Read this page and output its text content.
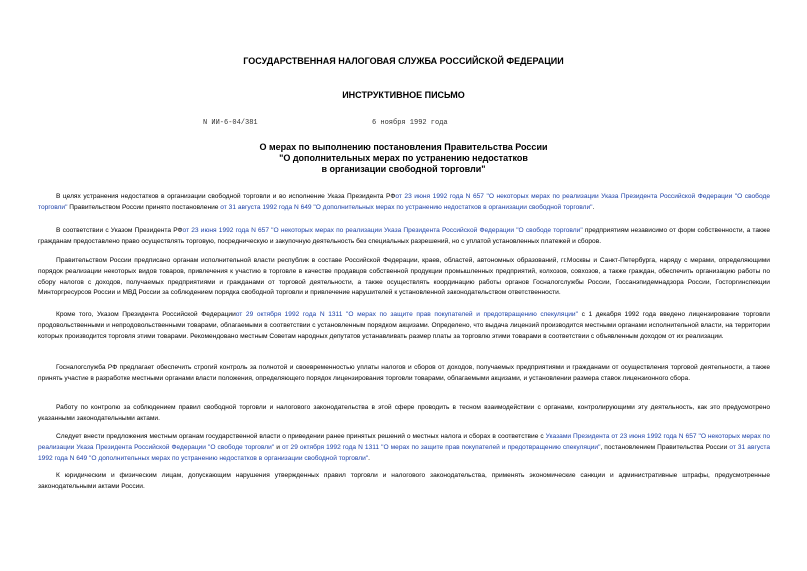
ГОСУДАРСТВЕННАЯ НАЛОГОВАЯ СЛУЖБА РОССИЙСКОЙ ФЕДЕРАЦИИ
ИНСТРУКТИВНОЕ ПИСЬМО
N ИИ-6-04/381	6 ноября 1992 года
О мерах по выполнению постановления Правительства России
"О дополнительных мерах по устранению недостатков
в организации свободной торговли"

В целях устранения недостатков в организации свободной торговли и во исполнение Указа Президента РФот 23 июня 1992 года N 657 "О некоторых мерах по реализации Указа Президента Российской Федерации "О свободе торговли" Правительством России принято постановление от 31 августа 1992 года N 649 "О дополнительных мерах по устранению недостатков в организации свободной торговли".

В соответствии с Указом Президента РФот 23 июня 1992 года N 657 "О некоторых мерах по реализации Указа Президента Российской Федерации "О свободе торговли" предприятиям независимо от форм собственности, а также гражданам предоставлено право осуществлять торговую, посредническую и закупочную деятельность без специальных разрешений, но с уплатой установленных платежей и сборов.

Правительством России предписано органам исполнительной власти республик в составе Российской Федерации, краев, областей, автономных образований, гг.Москвы и Санкт-Петербурга, наряду с мерами, определяющими порядок реализации некоторых видов товаров, привлечения к участию в торговле в качестве продавцов собственной продукции промышленных предприятий, колхозов, совхозов, а также граждан, обеспечить организацию работы по сбору налогов с доходов, получаемых предприятиями и гражданами от торговой деятельности, а также осуществлять координацию работы органов Госналогслужбы России, Госсанэпидемнадзора России, Госторгинспекции Минторгресурсов России и МВД России за соблюдением порядка свободной торговли и привлечение нарушителей к установленной законодательством ответственности.

Кроме того, Указом Президента Российской Федерацииот 29 октября 1992 года N 1311 "О мерах по защите прав покупателей и предотвращению спекуляции" с 1 декабря 1992 года введено лицензирование торговли продовольственными и непродовольственными товарами, облагаемыми в соответствии с установленным порядком акцизами. Определено, что выдача лицензий производится местными органами исполнительной власти, на территории которых производится торговля этими товарами. Рекомендовано местным Советам народных депутатов устанавливать размер платы за торговлю этими товарами в соответствии с объявленным доходом от их реализации.

Госналогслужба РФ предлагает обеспечить строгий контроль за полнотой и своевременностью уплаты налогов и сборов от доходов, получаемых предприятиями и гражданами от осуществления торговой деятельности, а также принять участие в разработке местными органами власти положения, определяющего порядок лицензирования торговли товарами, облагаемыми акцизами, и установлении размера ставок лицензионного сбора.

Работу по контролю за соблюдением правил свободной торговли и налогового законодательства в этой сфере проводить в тесном взаимодействии с органами, контролирующими эту деятельность, как это предусмотрено указанными законодательными актами.

Следует внести предложения местным органам государственной власти о приведении ранее принятых решений о местных налога и сборах в соответствие с Указами Президента от 23 июня 1992 года N 657 "О некоторых мерах по реализации Указа Президента Российской Федерации "О свободе торговли" и от 29 октября 1992 года N 1311 "О мерах по защите прав покупателей и предотвращению спекуляции", постановлением Правительства России от 31 августа 1992 года N 649 "О дополнительных мерах по устранению недостатков в организации свободной торговли".

К юридическим и физическим лицам, допускающим нарушения утвержденных правил торговли и налогового законодательства, применять экономические санкции и административные штрафы, предусмотренные законодательными актами России.
